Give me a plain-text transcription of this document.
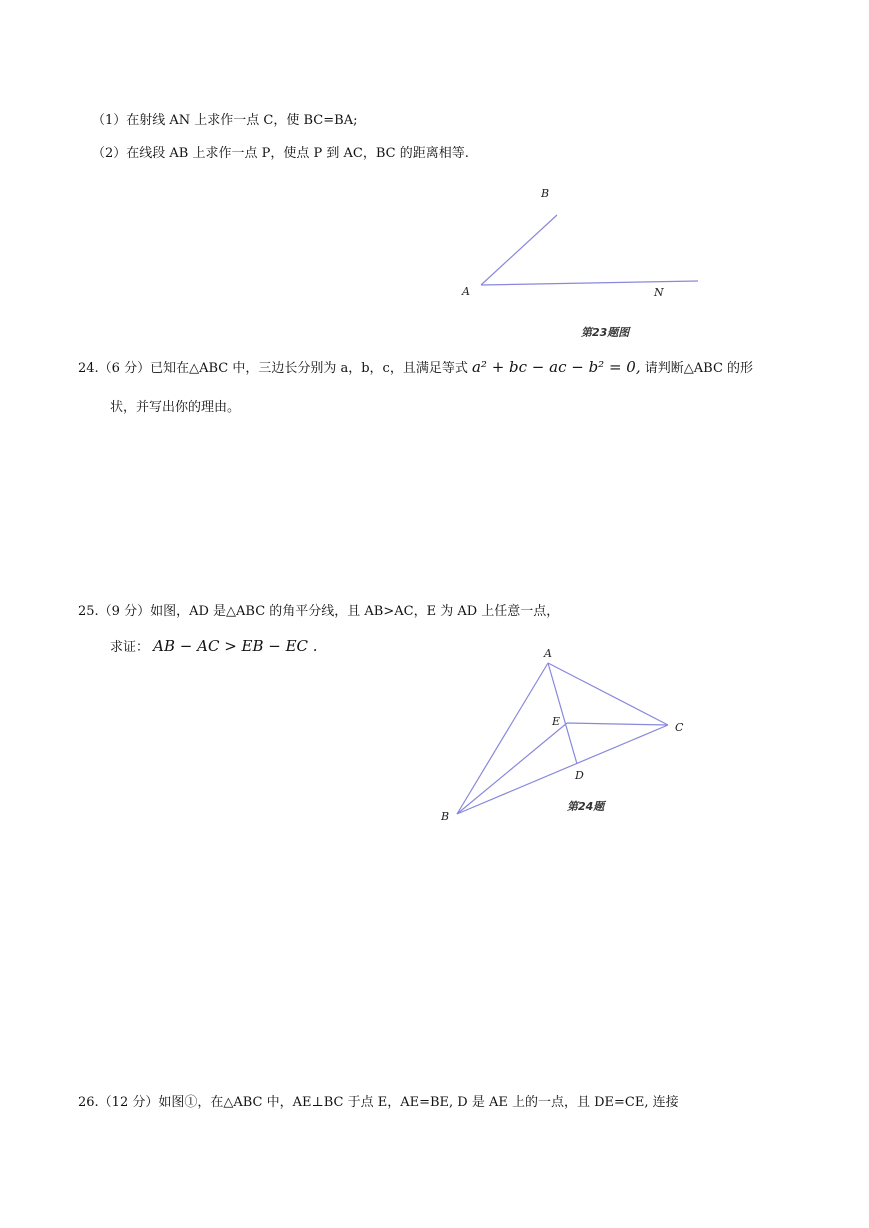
（1）在射线 AN 上求作一点 C，使 BC=BA;
（2）在线段 AB 上求作一点 P，使点 P 到 AC，BC 的距离相等.
B
A	N
第23题图
24.（6 分）已知在△ABC 中，三边长分别为 a，b，c，且满足等式 a² + bc − ac − b² = 0, 请判断△ABC 的形
状，并写出你的理由。
25.（9 分）如图，AD 是△ABC 的角平分线，且 AB>AC，E 为 AD 上任意一点，
求证： AB − AC > EB − EC .	A
E	C
D
B
第24题
26.（12 分）如图①，在△ABC 中，AE⊥BC 于点 E，AE=BE, D 是 AE 上的一点，且 DE=CE, 连接
